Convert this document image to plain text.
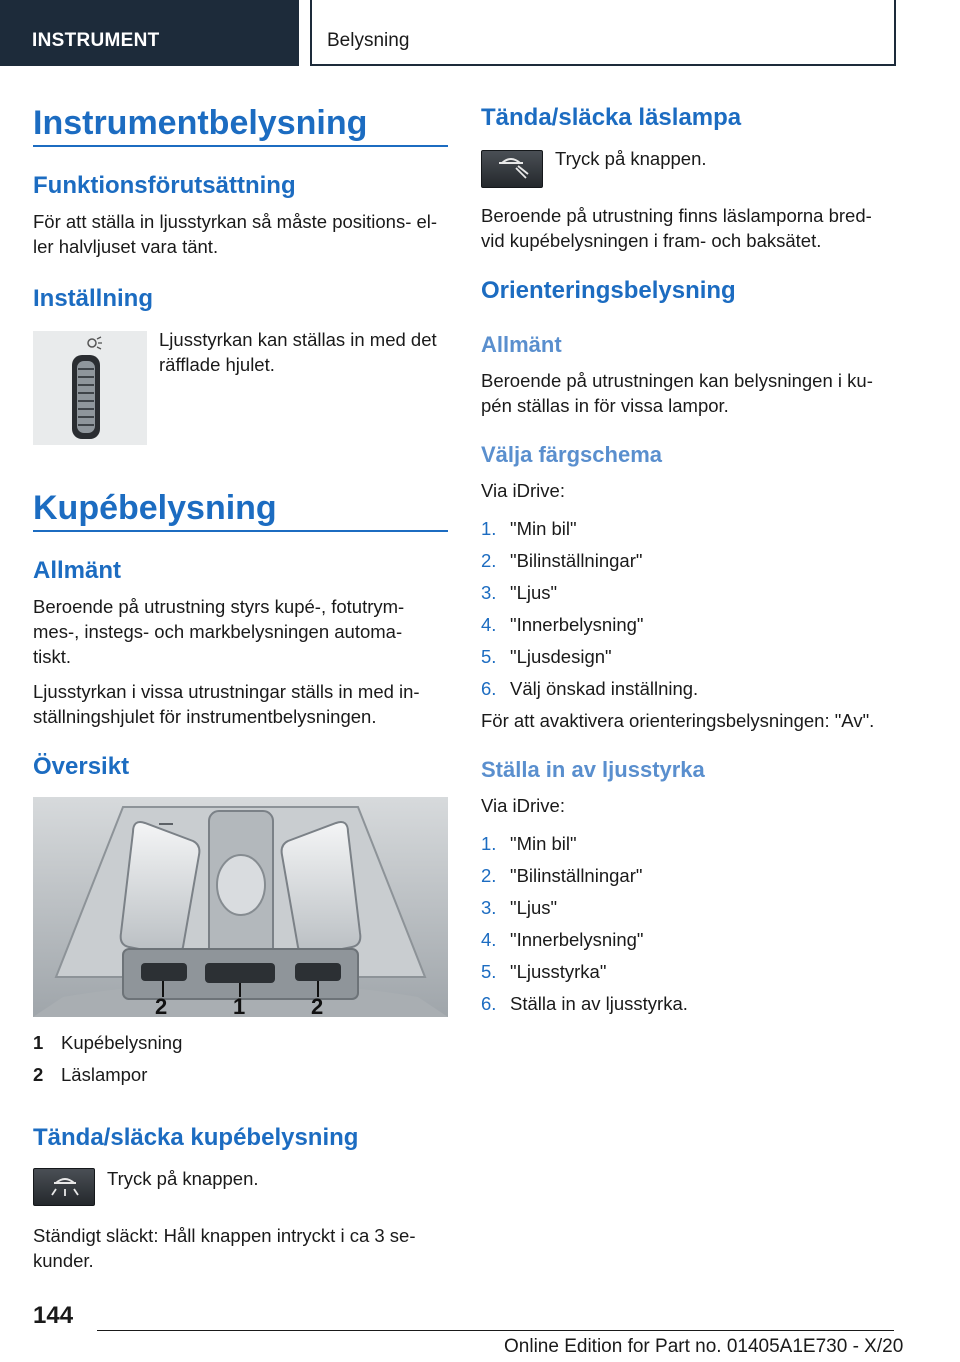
INSTRUMENT	Belysning
Instrumentbelysning
Funktionsförutsättning
För att ställa in ljusstyrkan så måste positions- el-
ler halvljuset vara tänt.
Inställning
Ljusstyrkan kan ställas in med det
räfflade hjulet.
Kupébelysning
Allmänt
Beroende på utrustning styrs kupé-, fotutrym-
mes-, instegs- och markbelysningen automa-
tiskt.
Ljusstyrkan i vissa utrustningar ställs in med in-
ställningshjulet för instrumentbelysningen.
Översikt
2	1	2
1 Kupébelysning
2 Läslampor
Tända/släcka kupébelysning
Tryck på knappen.
Ständigt släckt: Håll knappen intryckt i ca 3 se-
kunder.
Tända/släcka läslampa
Tryck på knappen.
Beroende på utrustning finns läslamporna bred-
vid kupébelysningen i fram- och baksätet.
Orienteringsbelysning
Allmänt
Beroende på utrustningen kan belysningen i ku-
pén ställas in för vissa lampor.
Välja färgschema
Via iDrive:
1. "Min bil"
2. "Bilinställningar"
3. "Ljus"
4. "Innerbelysning"
5. "Ljusdesign"
6. Välj önskad inställning.
För att avaktivera orienteringsbelysningen: "Av".
Ställa in av ljusstyrka
Via iDrive:
1. "Min bil"
2. "Bilinställningar"
3. "Ljus"
4. "Innerbelysning"
5. "Ljusstyrka"
6. Ställa in av ljusstyrka.
144
Online Edition for Part no. 01405A1E730 - X/20
